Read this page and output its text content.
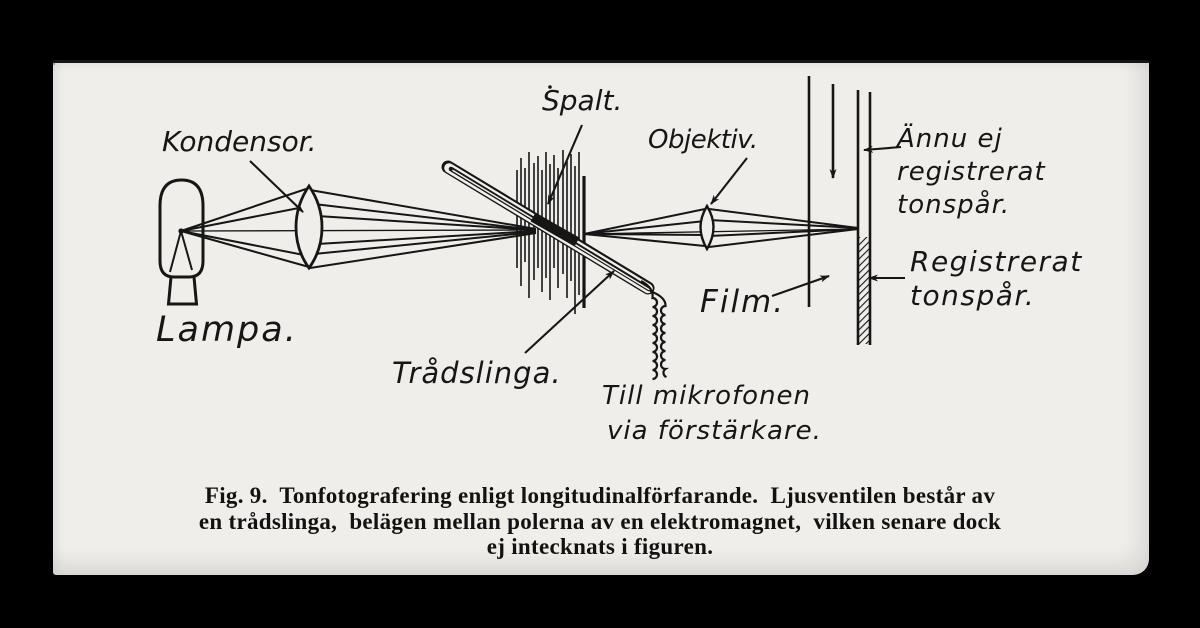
Kondensor.
Lampa.
Spalt.
Objektiv.
Film.
Trådslinga.
Till mikrofonen
via förstärkare.
Ännu ej
registrerat
tonspår.
Registrerat
tonspår.
Fig. 9.  Tonfotografering enligt longitudinalförfarande.  Ljusventilen består av
en trådslinga,  belägen mellan polerna av en elektromagnet,  vilken senare dock
ej intecknats i figuren.
